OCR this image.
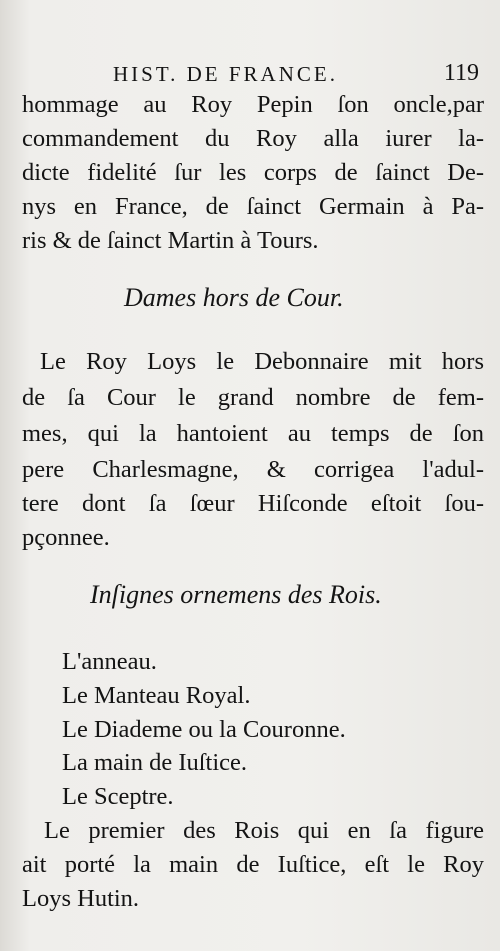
HIST. DE FRANCE.	119
hommage au Roy Pepin ſon oncle,par
commandement du Roy alla iurer la-
dicte fidelité ſur les corps de ſainct De-
nys en France, de ſainct Germain à Pa-
ris & de ſainct Martin à Tours.
Dames hors de Cour.
Le Roy Loys le Debonnaire mit hors
de ſa Cour le grand nombre de fem-
mes, qui la hantoient au temps de ſon
pere Charlesmagne, & corrigea l'adul-
tere dont ſa ſœur Hiſconde eſtoit ſou-
pçonnee.
Inſignes ornemens des Rois.
L'anneau.
Le Manteau Royal.
Le Diademe ou la Couronne.
La main de Iuſtice.
Le Sceptre.
Le premier des Rois qui en ſa figure
ait porté la main de Iuſtice, eſt le Roy
Loys Hutin.
